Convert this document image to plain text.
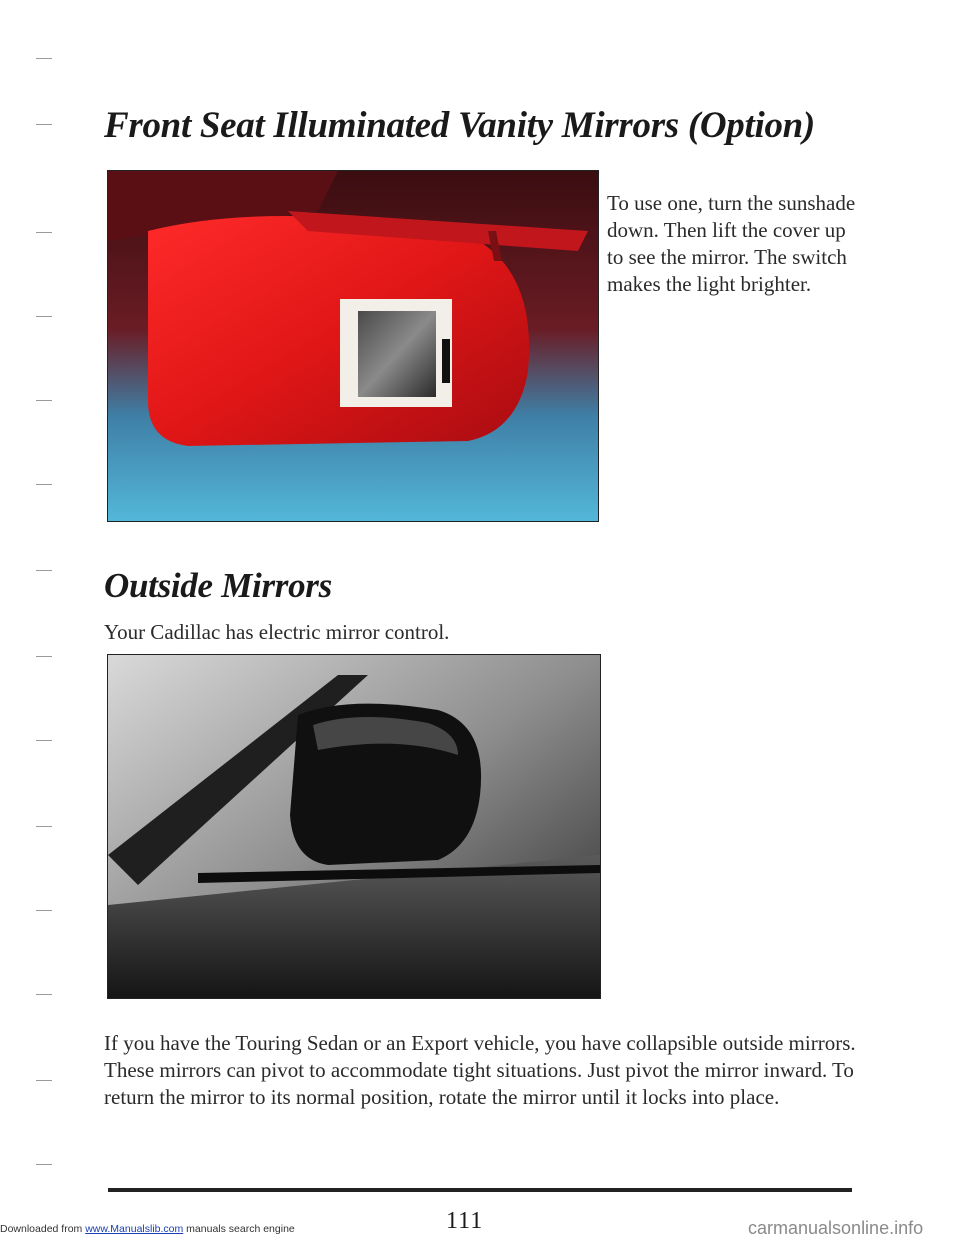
Front Seat Illuminated Vanity Mirrors (Option)

To use one, turn the sunshade down. Then lift the cover up to see the mirror. The switch makes the light brighter.

Outside Mirrors

Your Cadillac has electric mirror control.

If you have the Touring Sedan or an Export vehicle, you have collapsible outside mirrors. These mirrors can pivot to accommodate tight situations. Just pivot the mirror inward. To return the mirror to its normal position, rotate the mirror until it locks into place.

111
Downloaded from www.Manualslib.com manuals search engine	carmanualsonline.info
